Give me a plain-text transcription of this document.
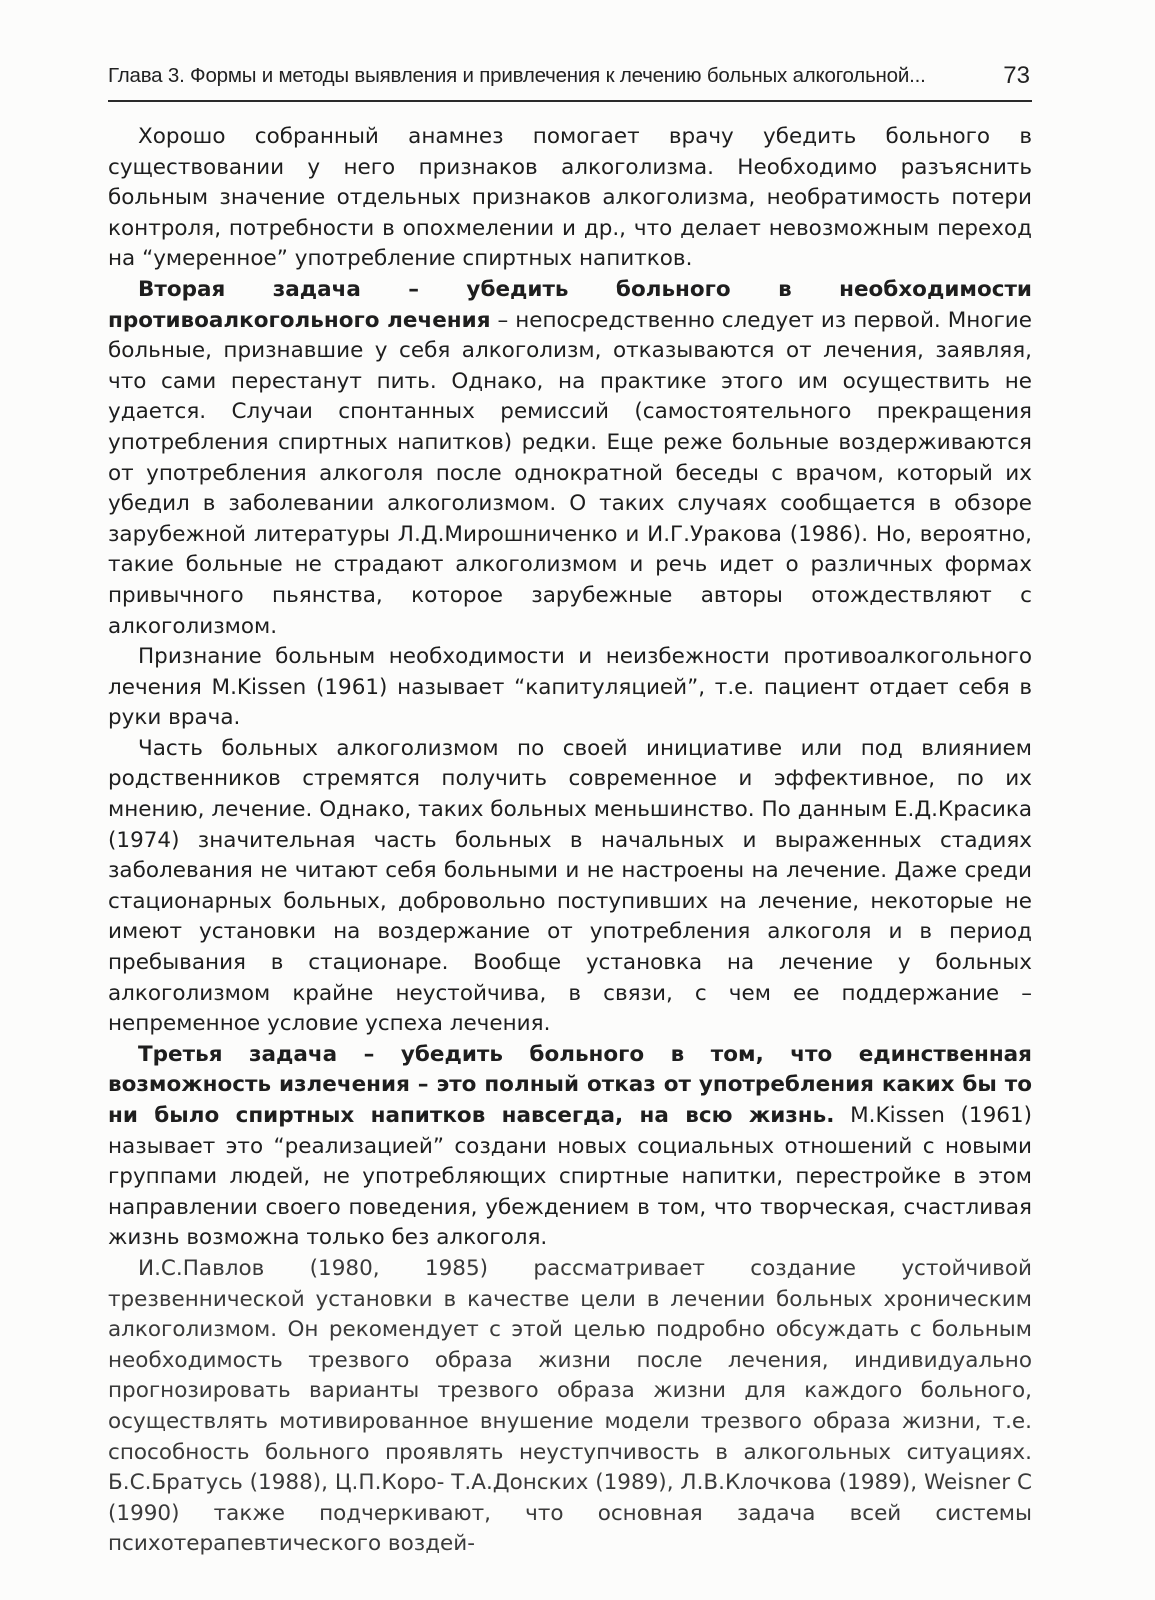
Глава 3. Формы и методы выявления и привлечения к лечению больных алкогольной...	73

Хорошо собранный анамнез помогает врачу убедить больного в существовании у него признаков алкоголизма. Необходимо разъяснить больным значение отдельных признаков алкоголизма, необратимость потери контроля, потребности в опохмелении и др., что делает невозможным переход на “умеренное” употребление спиртных напитков.

Вторая задача – убедить больного в необходимости противоалкогольного лечения – непосредственно следует из первой. Многие больные, признавшие у себя алкоголизм, отказываются от лечения, заявляя, что сами перестанут пить. Однако, на практике этого им осуществить не удается. Случаи спонтанных ремиссий (самостоятельного прекращения употребления спиртных напитков) редки. Еще реже больные воздерживаются от употребления алкоголя после однократной беседы с врачом, который их убедил в заболевании алкоголизмом. О таких случаях сообщается в обзоре зарубежной литературы Л.Д.Мирошниченко и И.Г.Уракова (1986). Но, вероятно, такие больные не страдают алкоголизмом и речь идет о различных формах привычного пьянства, которое зарубежные авторы отождествляют с алкоголизмом.

Признание больным необходимости и неизбежности противоалкогольного лечения M.Kissen (1961) называет “капитуляцией”, т.е. пациент отдает себя в руки врача.

Часть больных алкоголизмом по своей инициативе или под влиянием родственников стремятся получить современное и эффективное, по их мнению, лечение. Однако, таких больных меньшинство. По данным Е.Д.Красика (1974) значительная часть больных в начальных и выраженных стадиях заболевания не читают себя больными и не настроены на лечение. Даже среди стационарных больных, добровольно поступивших на лечение, некоторые не имеют установки на воздержание от употребления алкоголя и в период пребывания в стационаре. Вообще установка на лечение у больных алкоголизмом крайне неустойчива, в связи, с чем ее поддержание – непременное условие успеха лечения.

Третья задача – убедить больного в том, что единственная возможность излечения – это полный отказ от употребления каких бы то ни было спиртных напитков навсегда, на всю жизнь. M.Kissen (1961) называет это “реализацией” создани новых социальных отношений с новыми группами людей, не употребляющих спиртные напитки, перестройке в этом направлении своего поведения, убеждением в том, что творческая, счастливая жизнь возможна только без алкоголя.

И.С.Павлов (1980, 1985) рассматривает создание устойчивой трезвеннической установки в качестве цели в лечении больных хроническим алкоголизмом. Он рекомендует с этой целью подробно обсуждать с больным необходимость трезвого образа жизни после лечения, индивидуально прогнозировать варианты трезвого образа жизни для каждого больного, осуществлять мотивированное внушение модели трезвого образа жизни, т.е. способность больного проявлять неуступчивость в алкогольных ситуациях. Б.С.Братусь (1988), Ц.П.Коро- Т.А.Донских (1989), Л.В.Клочкова (1989), Weisner C (1990) также подчеркивают, что основная задача всей системы психотерапевтического воздей-
